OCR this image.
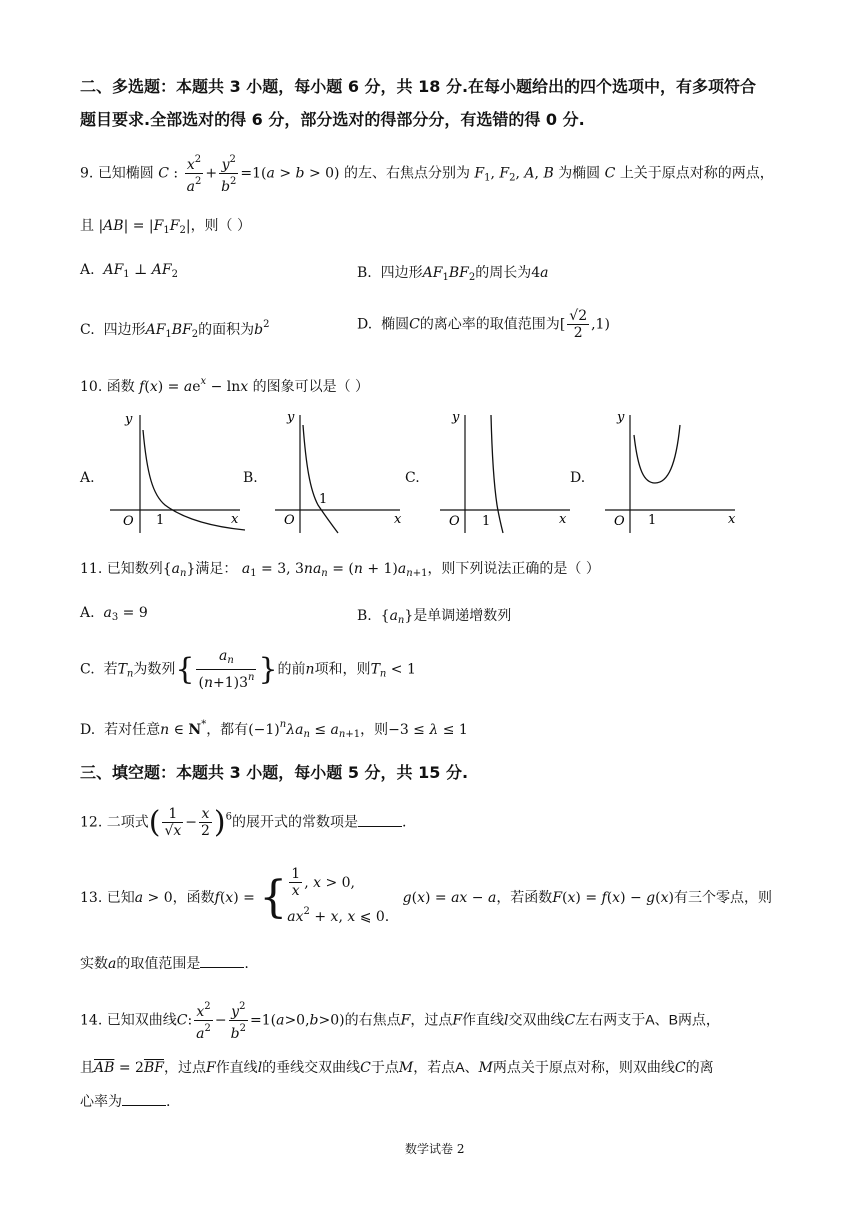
二、多选题：本题共 3 小题，每小题 6 分，共 18 分.在每小题给出的四个选项中，有多项符合
题目要求.全部选对的得 6 分，部分选对的得部分分，有选错的得 0 分.
9. 已知椭圆 C : $\frac{x^2}{a^2} + \frac{y^2}{b^2} =1(a > b > 0)$ 的左、右焦点分别为 $F_1$, $F_2$, A, B 为椭圆 C 上关于原点对称的两点，
且 $|AB| = |F_1F_2|$，则（ ）
A. $AF_1$ ⊥ $AF_2$	B. 四边形$AF_1BF_2$的周长为4a
C. 四边形$AF_1BF_2$的面积为$b^2$	D. 椭圆C的离心率的取值范围为[ $\frac{√2}{2} ,1$)
10. 函数 $f(x) = ae^x - \ln x$ 的图象可以是（ ）
A.
y
x
O 1
B.
y
x
O
1
C.
y
x
O 1
D.
y
x
O 1
11. 已知数列$\{a_n\}$满足： $a_1 = 3$, $3na_n = (n + 1)a_{n+1}$，则下列说法正确的是（ ）
A. $a_3 = 9$	B.  $\{a_n\}$是单调递增数列
C. 若$T_n$为数列{ $\frac{a_n}{(n+1)3^n}$ }的前n项和，则$T_n < 1$
D. 若对任意n ∈ N*，都有$(-1)^n\lambda a_n \le a_{n+1}$，则−3 ≤ λ ≤ 1
三、填空题：本题共 3 小题，每小题 5 分，共 15 分.
12. 二项式( $\frac{1}{√x} - \frac{x}{2} )^6$的展开式的常数项是	.
13. 已知a > 0，函数f(x) = { $\frac{1}{x}$ , x > 0,
$ax^2 + x$, x ⩽ 0.   g(x) = ax − a，若函数F(x) = f(x) − g(x)有三个零点，则
实数a的取值范围是	.
14. 已知双曲线C: $\frac{x^2}{a^2} - \frac{y^2}{b^2} =1(a>0,b>0)$的右焦点F，过点F作直线l交双曲线C左右两支于A、B两点，
且$\overline{AB} = 2\overline{BF}$，过点F作直线l的垂线交双曲线C于点M，若点A、M两点关于原点对称，则双曲线C的离
心率为	.
数学试卷 2
